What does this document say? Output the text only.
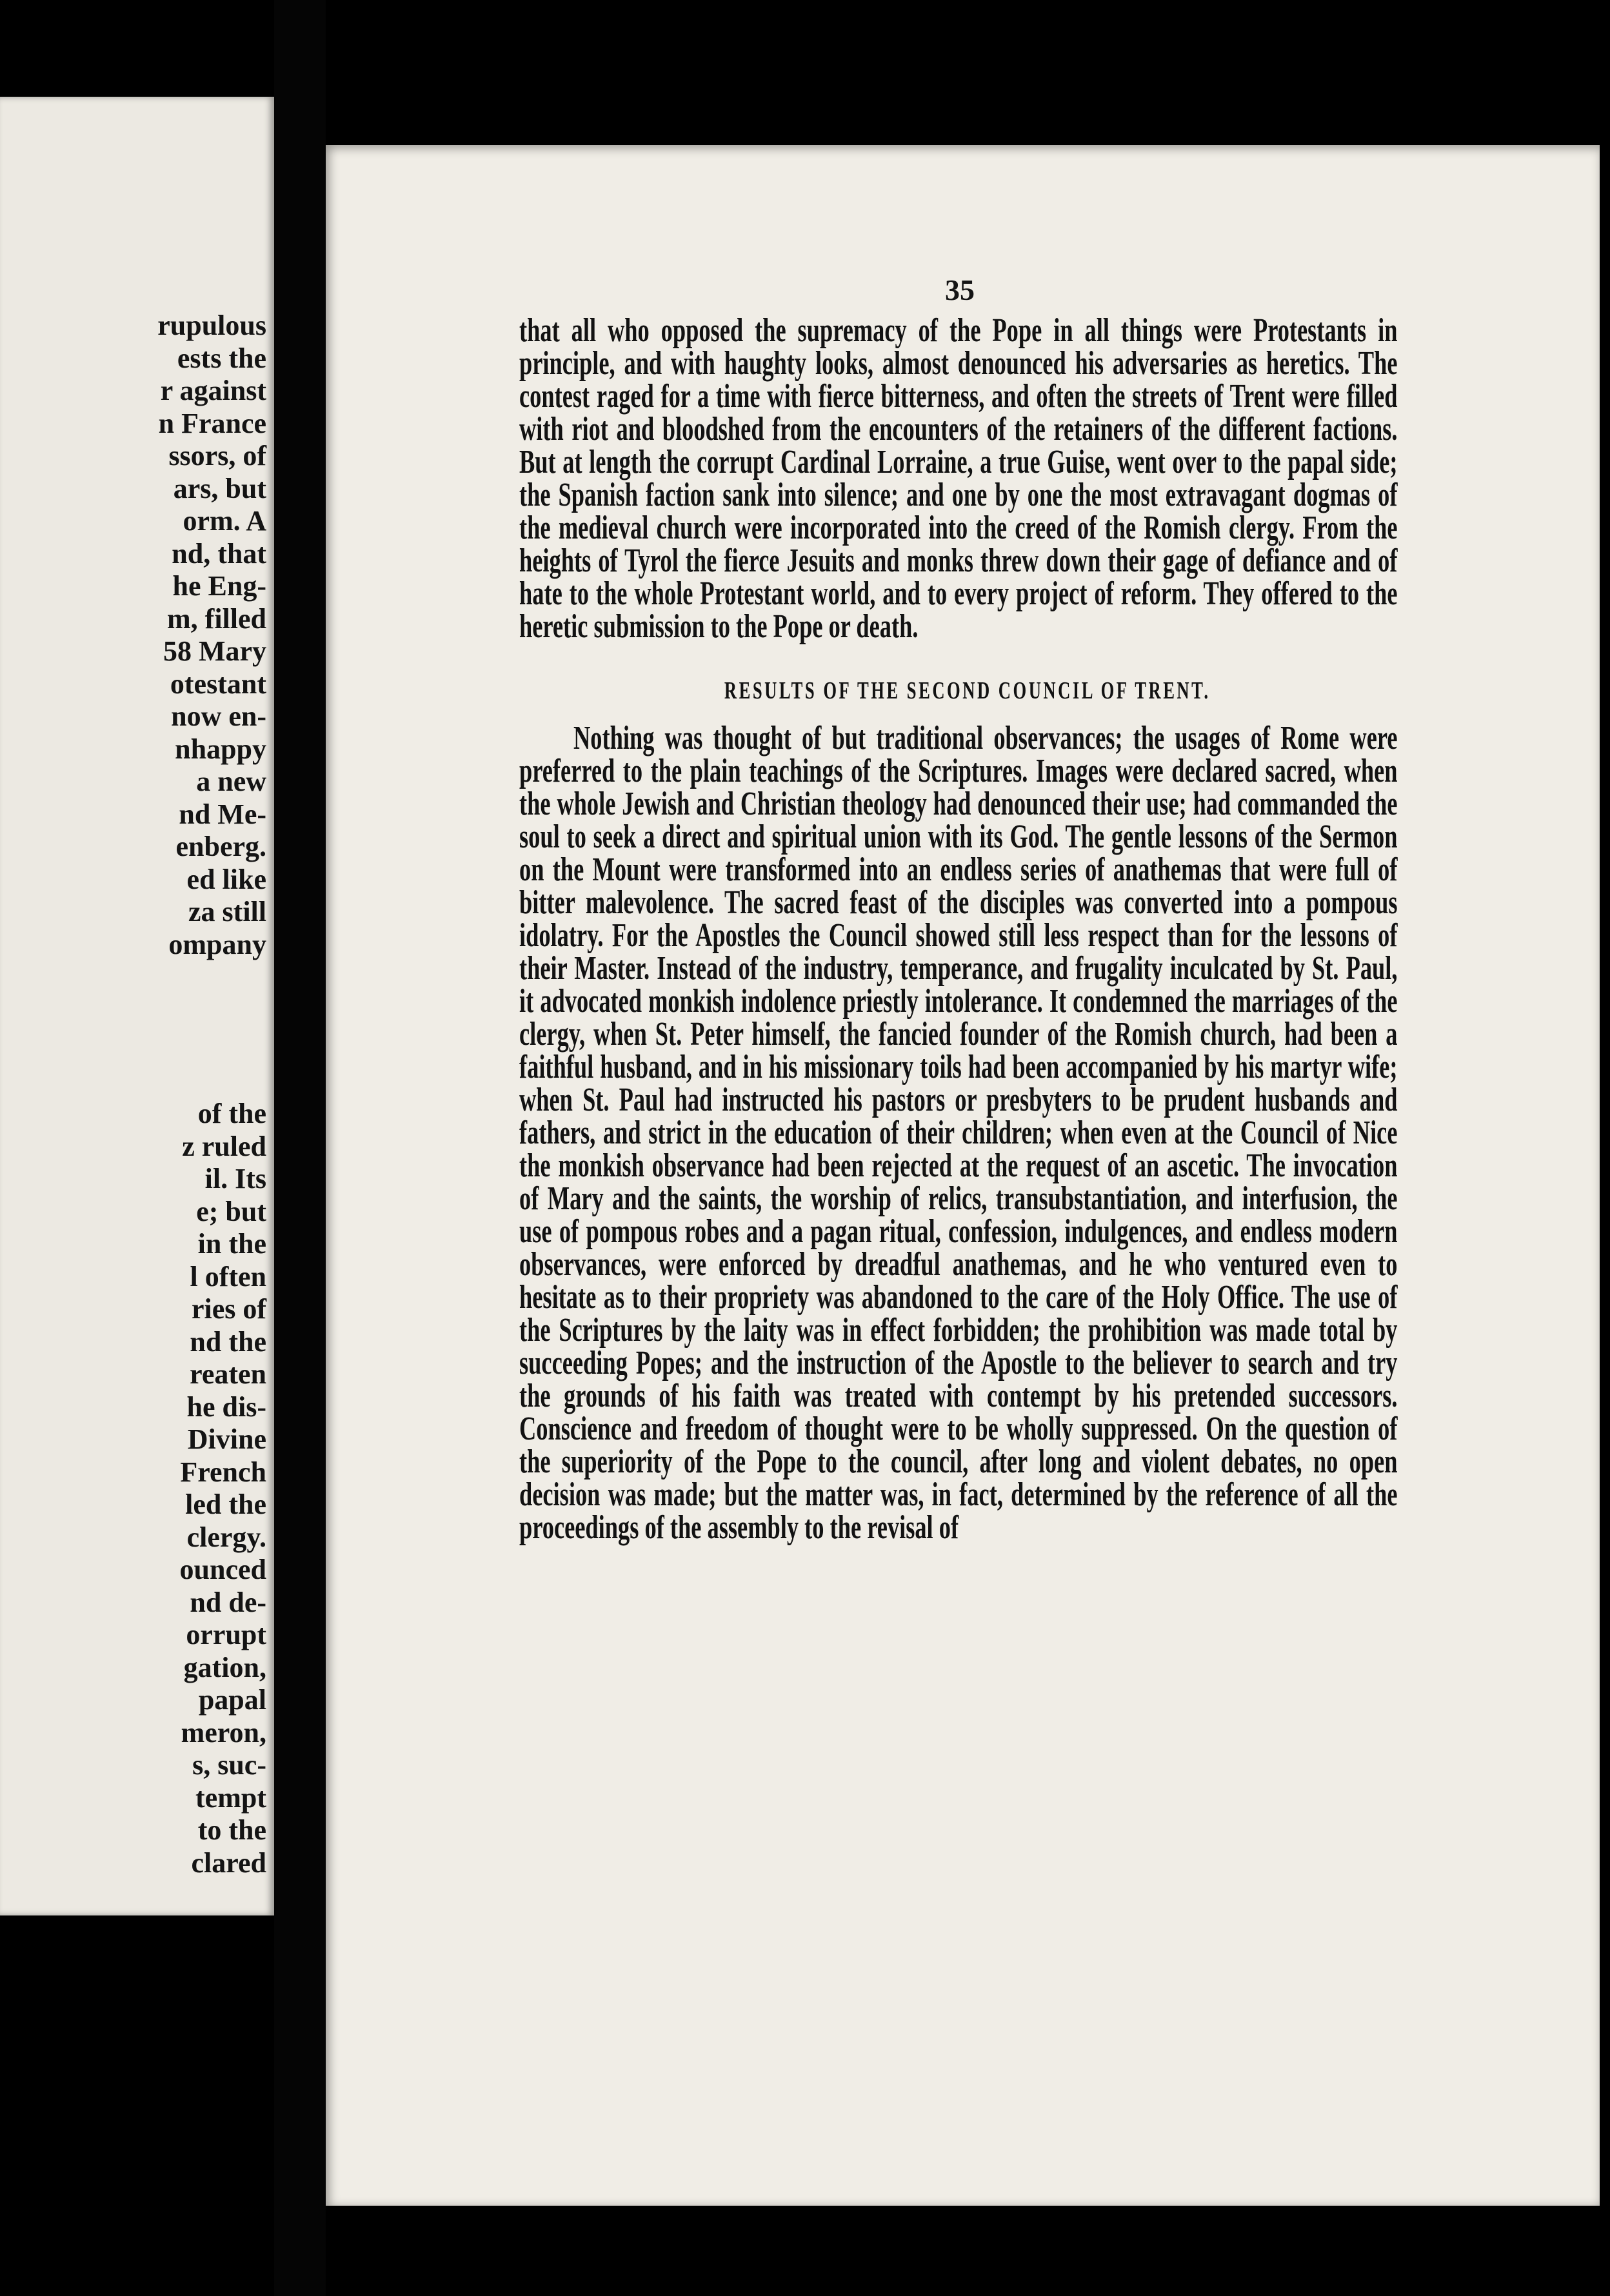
rupulous
ests the
r against
n France
ssors, of
ars, but
orm. A
nd, that
he Eng-
m, filled
58 Mary
otestant
now en-
nhappy
a new
nd Me-
enberg.
ed like
za still
ompany
of the
z ruled
il. Its
e; but
in the
l often
ries of
nd the
reaten
he dis-
Divine
French
led the
clergy.
ounced
nd de-
orrupt
gation,
papal
meron,
s, suc-
tempt
to the
clared
35

that all who opposed the supremacy of the Pope in all things were Protestants in principle, and with haughty looks, almost denounced his adversaries as heretics. The contest raged for a time with fierce bitterness, and often the streets of Trent were filled with riot and bloodshed from the encounters of the retainers of the different factions. But at length the corrupt Cardinal Lorraine, a true Guise, went over to the papal side; the Spanish faction sank into silence; and one by one the most extravagant dogmas of the medieval church were incorporated into the creed of the Romish clergy. From the heights of Tyrol the fierce Jesuits and monks threw down their gage of defiance and of hate to the whole Protestant world, and to every project of reform. They offered to the heretic submission to the Pope or death.

RESULTS OF THE SECOND COUNCIL OF TRENT.

Nothing was thought of but traditional observances; the usages of Rome were preferred to the plain teachings of the Scriptures. Images were declared sacred, when the whole Jewish and Christian theology had denounced their use; had commanded the soul to seek a direct and spiritual union with its God. The gentle lessons of the Sermon on the Mount were transformed into an endless series of anathemas that were full of bitter malevolence. The sacred feast of the disciples was converted into a pompous idolatry. For the Apostles the Council showed still less respect than for the lessons of their Master. Instead of the industry, temperance, and frugality inculcated by St. Paul, it advocated monkish indolence priestly intolerance. It condemned the marriages of the clergy, when St. Peter himself, the fancied founder of the Romish church, had been a faithful husband, and in his missionary toils had been accompanied by his martyr wife; when St. Paul had instructed his pastors or presbyters to be prudent husbands and fathers, and strict in the education of their children; when even at the Council of Nice the monkish observance had been rejected at the request of an ascetic. The invocation of Mary and the saints, the worship of relics, transubstantiation, and interfusion, the use of pompous robes and a pagan ritual, confession, indulgences, and endless modern observances, were enforced by dreadful anathemas, and he who ventured even to hesitate as to their propriety was abandoned to the care of the Holy Office. The use of the Scriptures by the laity was in effect forbidden; the prohibition was made total by succeeding Popes; and the instruction of the Apostle to the believer to search and try the grounds of his faith was treated with contempt by his pretended successors. Conscience and freedom of thought were to be wholly suppressed. On the question of the superiority of the Pope to the council, after long and violent debates, no open decision was made; but the matter was, in fact, determined by the reference of all the proceedings of the assembly to the revisal of
